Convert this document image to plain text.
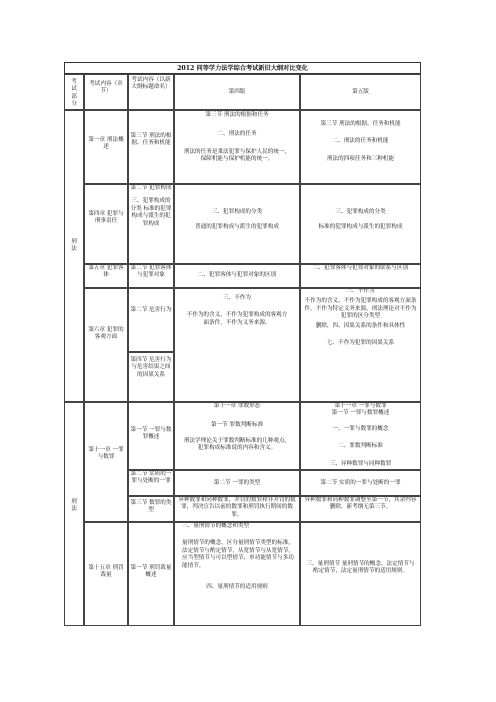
2012 同等学力法学综合考试新旧大纲对比变化
考试部分
考试内容（章节）
考试内容（以新大纲标题命名）
第四版	第五版
刑法
第一章 刑法概述
第三节 刑法的根据、任务和机能
第三节 刑法的根据和任务
二、刑法的任务
刑法的任务是秉法犯罪与保护人民的统一，保障机能与保护机能的统一。
第三节 刑法的根据、任务和机能
二、刑法的任务和机能
刑法的四项任务和三种机能
第四章 犯罪与刑事责任
第二节 犯罪构成
三、犯罪构成的分类 标准的犯罪构成与派生的犯罪构成
三、犯罪构成的分类
普通的犯罪构成与派生的犯罪构成
三、犯罪构成的分类
标准的犯罪构成与派生的犯罪构成
第五章 犯罪客体
第二节 犯罪客体与犯罪对象	二、犯罪客体与犯罪对象的区别
二、犯罪客体与犯罪对象的联系与区别
第六章 犯罪的客观方面
第二节 危害行为
第四节 危害行为与危害结果之间的因果关系
三、不作为
不作为的含义。不作为犯罪构成的客观方面条件。不作为义务来源。
三、不作为
不作为的含义，不作为犯罪构成的客观方面条件，不作为特定义务来源，刑法理论对不作为犯罪的区分类型
删除，四、因果关系的条件和具体性
七、不作为犯罪的因果关系
刑法
第十一章 一罪与数罪
第一节 一罪与数罪概述
第二节 实质的一罪与处断的一罪
第三节 数罪的类型
第十一章 罪数形态
第一节 罪数判断标准
刑法学理论关于罪数判断标准的几种观点，犯罪构成标准说的内容和含义。
第二节 一罪的类型
异种数罪和同种数罪，并罚的数罪和非并罚的数罪，判决宣告以前的数罪和刑罚执行期间的数罪。
第十一章 一罪与数罪
第一节 一罪与数罪概述
一、一罪与数罪的概念
二、罪数判断标准
三、异种数罪与同种数罪
第二节 实质的一罪与处断的一罪
异种数罪和同种数罪调整至第一节，其余内容删除，新考纲无第三节。
第十五章 刑罚裁量
第一节 刑罚裁量概述
三、量刑情节的概念和类型
量刑情节的概念，区分量刑情节类型的标准，法定情节与酌定情节，从宽情节与从宽情节，应当型情节与可以型情节，单功能情节与多功能情节。
四、量刑情节的适用规则
三、量刑情节 量刑情节的概念，法定情节与酌定情节，法定量刑情节的适用规则。
